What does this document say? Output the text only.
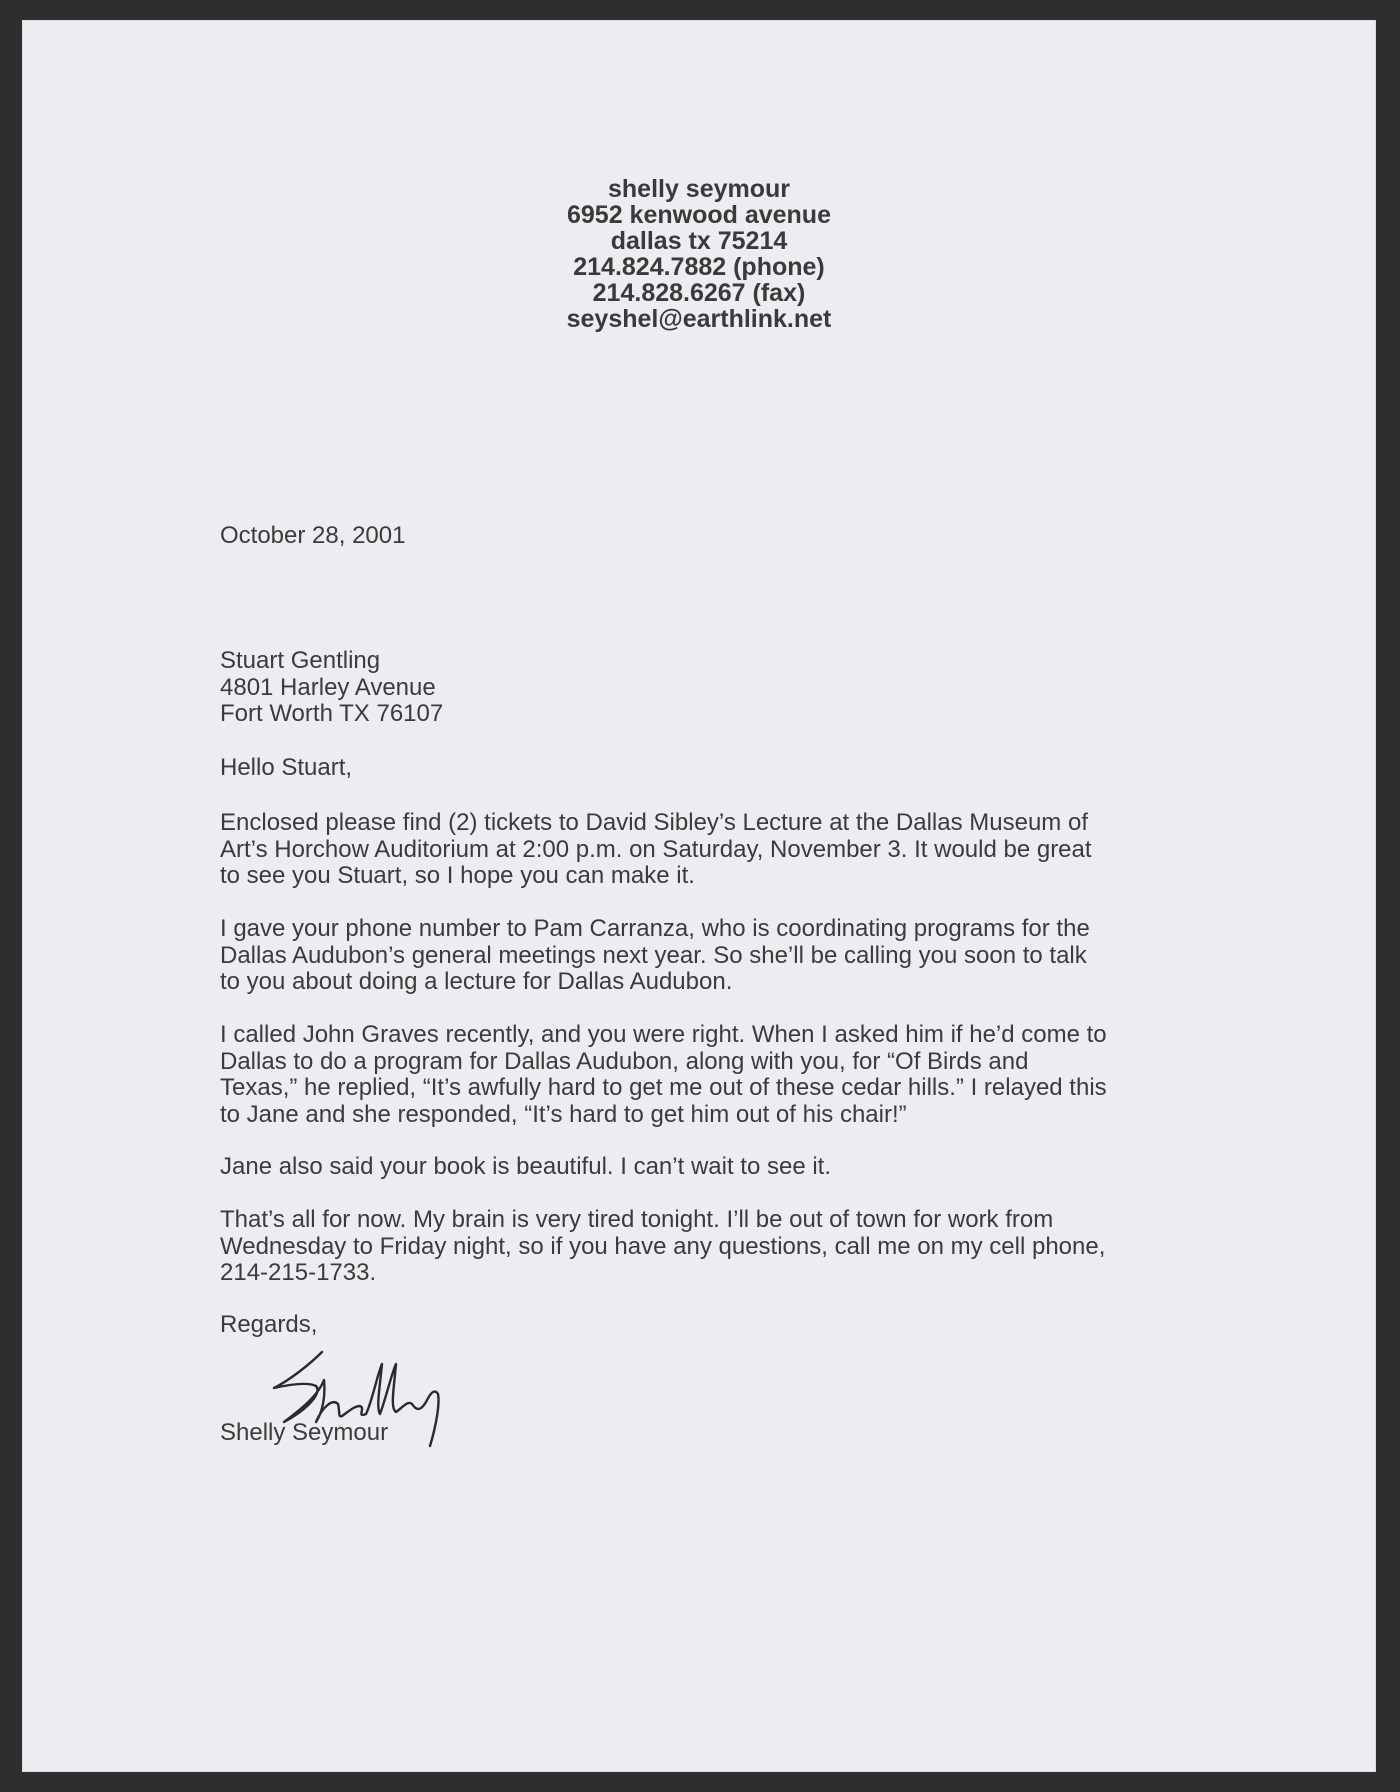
shelly seymour
6952 kenwood avenue
dallas tx 75214
214.824.7882 (phone)
214.828.6267 (fax)
seyshel@earthlink.net
October 28, 2001
Stuart Gentling
4801 Harley Avenue
Fort Worth TX 76107
Hello Stuart,
Enclosed please find (2) tickets to David Sibley’s Lecture at the Dallas Museum of
Art’s Horchow Auditorium at 2:00 p.m. on Saturday, November 3. It would be great
to see you Stuart, so I hope you can make it.
I gave your phone number to Pam Carranza, who is coordinating programs for the
Dallas Audubon’s general meetings next year. So she’ll be calling you soon to talk
to you about doing a lecture for Dallas Audubon.
I called John Graves recently, and you were right. When I asked him if he’d come to
Dallas to do a program for Dallas Audubon, along with you, for “Of Birds and
Texas,” he replied, “It’s awfully hard to get me out of these cedar hills.” I relayed this
to Jane and she responded, “It’s hard to get him out of his chair!”
Jane also said your book is beautiful. I can’t wait to see it.
That’s all for now. My brain is very tired tonight. I’ll be out of town for work from
Wednesday to Friday night, so if you have any questions, call me on my cell phone,
214-215-1733.
Regards,
Shelly Seymour
